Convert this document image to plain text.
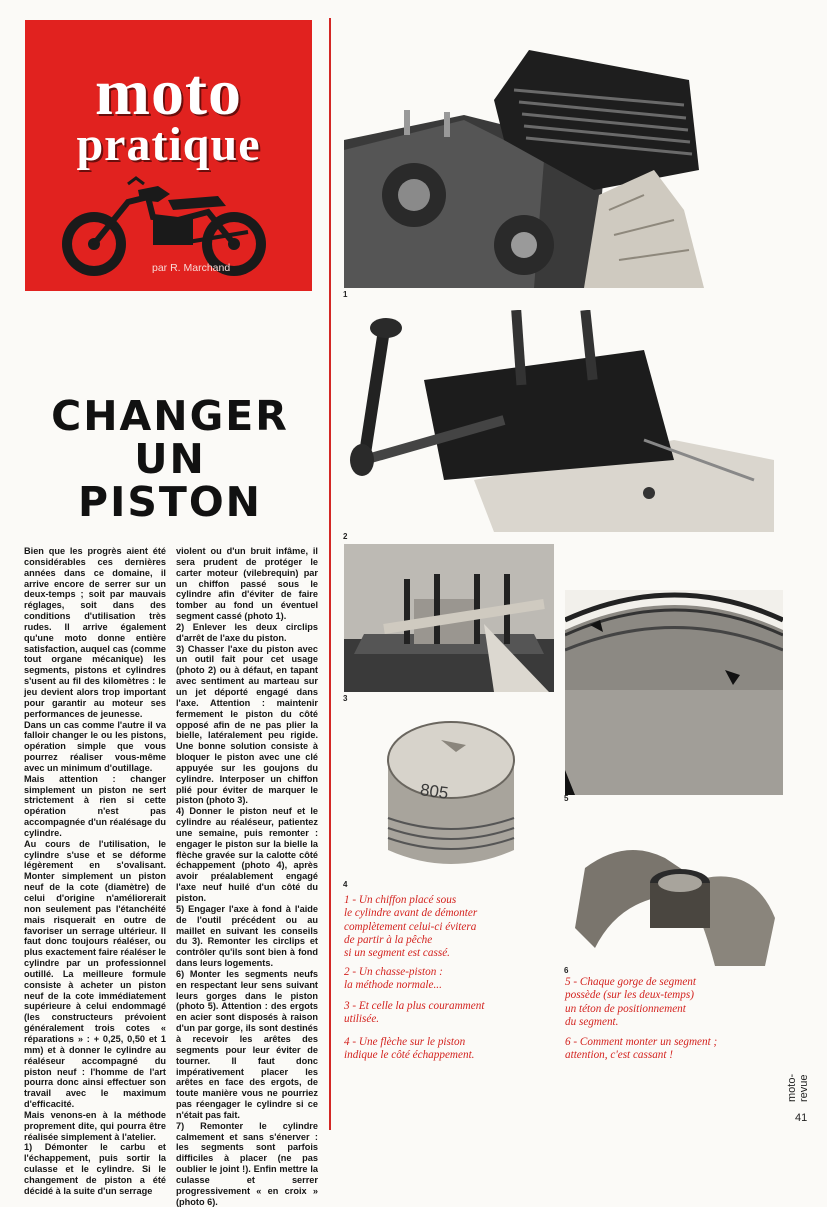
moto
pratique
par R. Marchand
CHANGER
UN
PISTON

Bien que les progrès aient été considérables ces dernières années dans ce domaine, il arrive encore de serrer sur un deux-temps ; soit par mauvais réglages, soit dans des conditions d'utilisation très rudes. Il arrive également qu'une moto donne entière satisfaction, auquel cas (comme tout organe mécanique) les segments, pistons et cylindres s'usent au fil des kilomètres : le jeu devient alors trop important pour garantir au moteur ses performances de jeunesse.

Dans un cas comme l'autre il va falloir changer le ou les pistons, opération simple que vous pourrez réaliser vous-même avec un minimum d'outillage.

Mais attention : changer simplement un piston ne sert strictement à rien si cette opération n'est pas accompagnée d'un réalésage du cylindre.

Au cours de l'utilisation, le cylindre s'use et se déforme légèrement en s'ovalisant. Monter simplement un piston neuf de la cote (diamètre) de celui d'origine n'améliorerait non seulement pas l'étanchéité mais risquerait en outre de favoriser un serrage ultérieur. Il faut donc toujours réaléser, ou plus exactement faire réaléser le cylindre par un professionnel outillé. La meilleure formule consiste à acheter un piston neuf de la cote immédiatement supérieure à celui endommagé (les constructeurs prévoient généralement trois cotes « réparations » : + 0,25, 0,50 et 1 mm) et à donner le cylindre au réaléseur accompagné du piston neuf : l'homme de l'art pourra donc ainsi effectuer son travail avec le maximum d'efficacité.

Mais venons-en à la méthode proprement dite, qui pourra être réalisée simplement à l'atelier.

1) Démonter le carbu et l'échappement, puis sortir la culasse et le cylindre. Si le changement de piston a été décidé à la suite d'un serrage

violent ou d'un bruit infâme, il sera prudent de protéger le carter moteur (vilebrequin) par un chiffon passé sous le cylindre afin d'éviter de faire tomber au fond un éventuel segment cassé (photo 1).

2) Enlever les deux circlips d'arrêt de l'axe du piston.

3) Chasser l'axe du piston avec un outil fait pour cet usage (photo 2) ou à défaut, en tapant avec sentiment au marteau sur un jet déporté engagé dans l'axe. Attention : maintenir fermement le piston du côté opposé afin de ne pas plier la bielle, latéralement peu rigide. Une bonne solution consiste à bloquer le piston avec une clé appuyée sur les goujons du cylindre. Interposer un chiffon plié pour éviter de marquer le piston (photo 3).

4) Donner le piston neuf et le cylindre au réaléseur, patientez une semaine, puis remonter : engager le piston sur la bielle la flèche gravée sur la calotte côté échappement (photo 4), après avoir préalablement engagé l'axe neuf huilé d'un côté du piston.

5) Engager l'axe à fond à l'aide de l'outil précédent ou au maillet en suivant les conseils du 3). Remonter les circlips et contrôler qu'ils sont bien à fond dans leurs logements.

6) Monter les segments neufs en respectant leur sens suivant leurs gorges dans le piston (photo 5). Attention : des ergots en acier sont disposés à raison d'un par gorge, ils sont destinés à recevoir les arêtes des segments pour leur éviter de tourner. Il faut donc impérativement placer les arêtes en face des ergots, de toute manière vous ne pourriez pas réengager le cylindre si ce n'était pas fait.

7) Remonter le cylindre calmement et sans s'énerver : les segments sont parfois difficiles à placer (ne pas oublier le joint !). Enfin mettre la culasse et serrer progressivement « en croix » (photo 6).

1
2
3
805
4
5
6

1 - Un chiffon placé sous
le cylindre avant de démonter
complètement celui-ci évitera
de partir à la pêche
si un segment est cassé.

2 - Un chasse-piston :
la méthode normale...

3 - Et celle la plus couramment
utilisée.

4 - Une flèche sur le piston
indique le côté échappement.

5 - Chaque gorge de segment
possède (sur les deux-temps)
un téton de positionnement
du segment.

6 - Comment monter un segment ;
attention, c'est cassant !

moto-revue
41
